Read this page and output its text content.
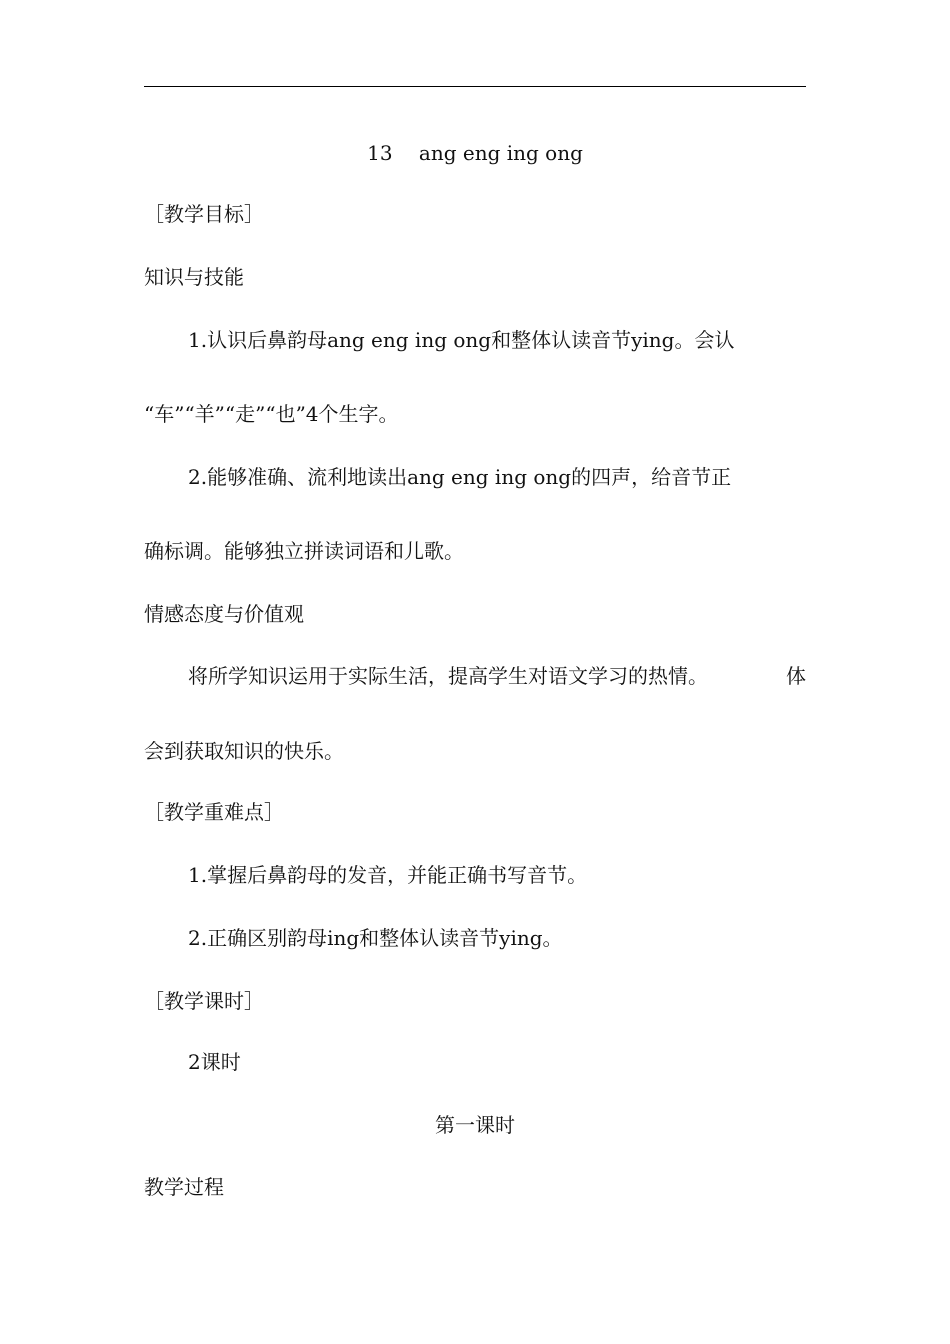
13　 ang eng ing ong
［教学目标］
知识与技能
1.认识后鼻韵母ang eng ing ong和整体认读音节ying。会认
“车”“羊”“走”“也”4个生字。
2.能够准确、流利地读出ang eng ing ong的四声，给音节正
确标调。能够独立拼读词语和儿歌。
情感态度与价值观
将所学知识运用于实际生活，提高学生对语文学习的热情。	体
会到获取知识的快乐。
［教学重难点］
1.掌握后鼻韵母的发音，并能正确书写音节。
2.正确区别韵母ing和整体认读音节ying。
［教学课时］
2课时
第一课时
教学过程
